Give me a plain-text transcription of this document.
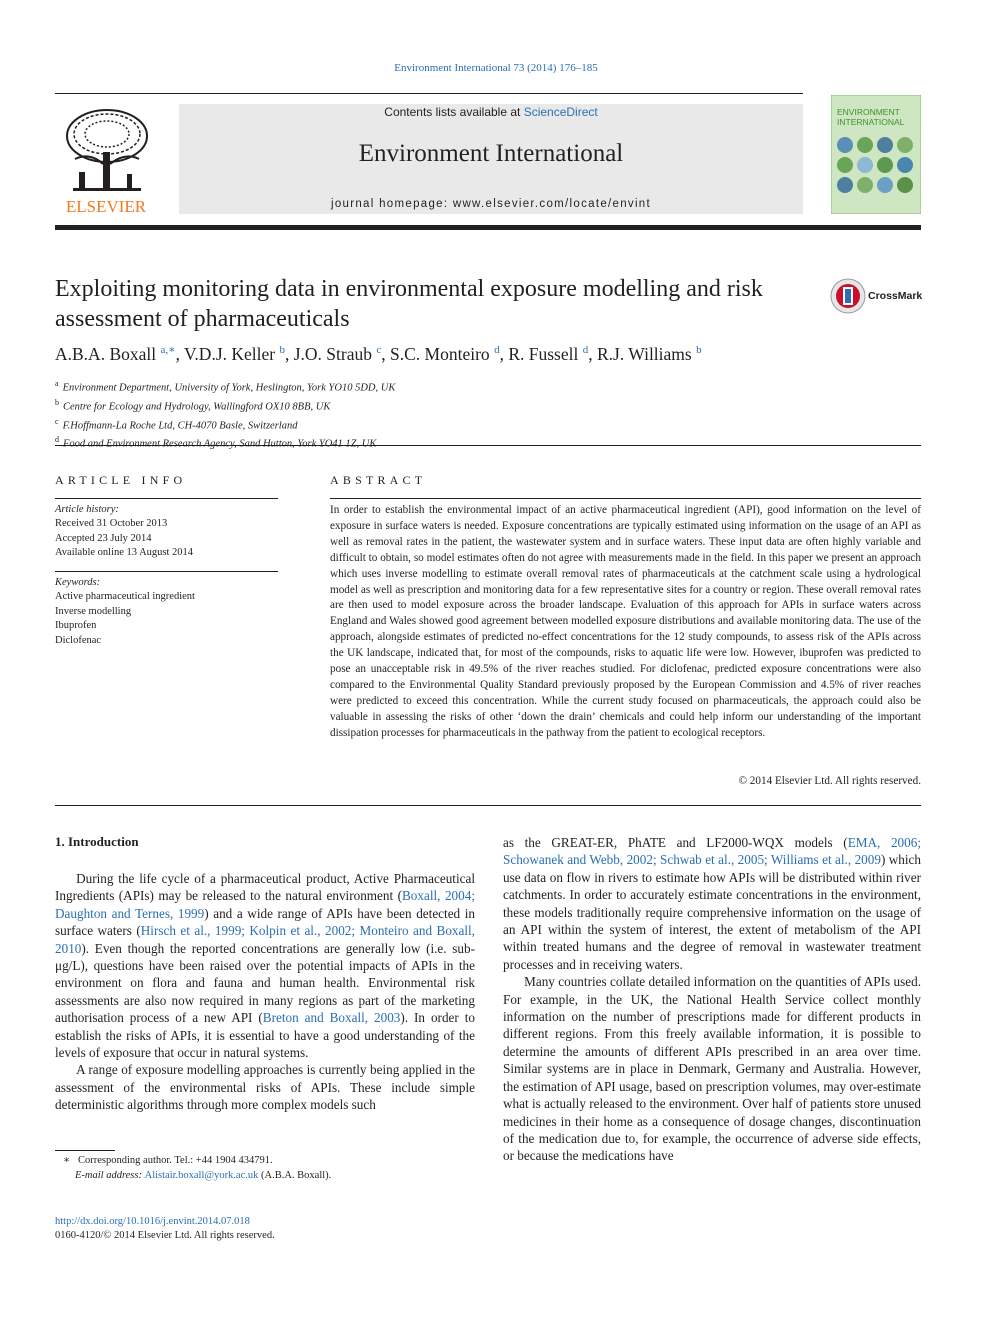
Environment International 73 (2014) 176–185
ELSEVIER
Contents lists available at ScienceDirect
Environment International
journal homepage: www.elsevier.com/locate/envint
ENVIRONMENT
INTERNATIONAL
Exploiting monitoring data in environmental exposure modelling and risk assessment of pharmaceuticals
CrossMark
A.B.A. Boxall $^{a,∗}$, V.D.J. Keller $^b$, J.O. Straub $^c$, S.C. Monteiro $^d$, R. Fussell $^d$, R.J. Williams $^b$
$^a$ Environment Department, University of York, Heslington, York YO10 5DD, UK
$^b$ Centre for Ecology and Hydrology, Wallingford OX10 8BB, UK
$^c$ F.Hoffmann-La Roche Ltd, CH-4070 Basle, Switzerland
$^d$
ARTICLE INFO
Article history:
Received 31 October 2013
Accepted 23 July 2014
Available online 13 August 2014
Keywords:
Active pharmaceutical ingredient
Inverse modelling
Ibuprofen
Diclofenac
ABSTRACT
In order to establish the environmental impact of an active pharmaceutical ingredient (API), good information on the level of exposure in surface waters is needed. Exposure concentrations are typically estimated using information on the usage of an API as well as removal rates in the patient, the wastewater system and in surface waters. These input data are often highly variable and difficult to obtain, so model estimates often do not agree with measurements made in the field. In this paper we present an approach which uses inverse modelling to estimate overall removal rates of pharmaceuticals at the catchment scale using a hydrological model as well as prescription and monitoring data for a few representative sites for a country or region. These overall removal rates are then used to model exposure across the broader landscape. Evaluation of this approach for APIs in surface waters across England and Wales showed good agreement between modelled exposure distributions and available monitoring data. The use of the approach, alongside estimates of predicted no-effect concentrations for the 12 study compounds, to assess risk of the APIs across the UK landscape, indicated that, for most of the compounds, risks to aquatic life were low. However, ibuprofen was predicted to pose an unacceptable risk in 49.5% of the river reaches studied. For diclofenac, predicted exposure concentrations were also compared to the Environmental Quality Standard previously proposed by the European Commission and 4.5% of river reaches were predicted to exceed this concentration. While the current study focused on pharmaceuticals, the approach could also be valuable in assessing the risks of other ‘down the drain’ chemicals and could help inform our understanding of the important dissipation processes for pharmaceuticals in the pathway from the patient to ecological receptors.
© 2014 Elsevier Ltd. All rights reserved.
1. Introduction

During the life cycle of a pharmaceutical product, Active Pharmaceutical Ingredients (APIs) may be released to the natural environment (Boxall, 2004; Daughton and Ternes, 1999) and a wide range of APIs have been detected in surface waters (Hirsch et al., 1999; Kolpin et al., 2002; Monteiro and Boxall, 2010). Even though the reported concentrations are generally low (i.e. sub-μg/L), questions have been raised over the potential impacts of APIs in the environment on flora and fauna and human health. Environmental risk assessments are also now required in many regions as part of the marketing authorisation process of a new API (Breton and Boxall, 2003). In order to establish the risks of APIs, it is essential to have a good understanding of the levels of exposure that occur in natural systems.

A range of exposure modelling approaches is currently being applied in the assessment of the environmental risks of APIs. These include simple deterministic algorithms through more complex models such

as the GREAT-ER, PhATE and LF2000-WQX models (EMA, 2006; Schowanek and Webb, 2002; Schwab et al., 2005; Williams et al., 2009) which use data on flow in rivers to estimate how APIs will be distributed within river catchments. In order to accurately estimate concentrations in the environment, these models traditionally require comprehensive information on the usage of an API within the system of interest, the extent of metabolism of the API within treated humans and the degree of removal in wastewater treatment processes and in receiving waters.

Many countries collate detailed information on the quantities of APIs used. For example, in the UK, the National Health Service collect monthly information on the number of prescriptions made for different products in different regions. From this freely available information, it is possible to determine the amounts of different APIs prescribed in an area over time. Similar systems are in place in Denmark, Germany and Australia. However, the estimation of API usage, based on prescription volumes, may over-estimate what is actually released to the environment. Over half of patients store unused medicines in their home as a consequence of dosage changes, discontinuation of the medication due to, for example, the occurrence of adverse side effects, or because the medications have

∗ Corresponding author. Tel.: +44 1904 434791.
E-mail address: Alistair.boxall@york.ac.uk (A.B.A. Boxall).
http://dx.doi.org/10.1016/j.envint.2014.07.018
0160-4120/© 2014 Elsevier Ltd. All rights reserved.
